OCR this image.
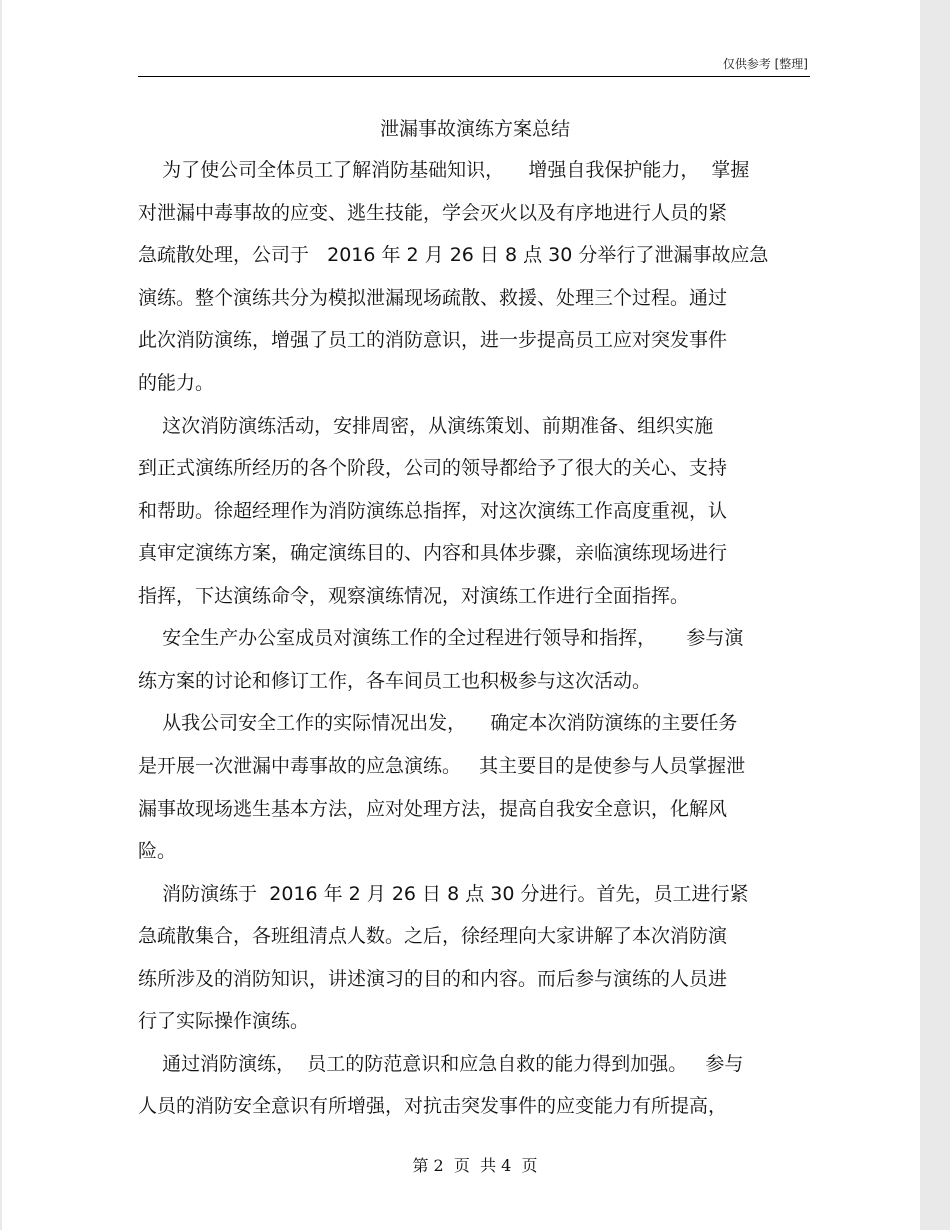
仅供参考 [整理]
泄漏事故演练方案总结
为了使公司全体员工了解消防基础知识，    增强自我保护能力，  掌握
对泄漏中毒事故的应变、逃生技能，学会灭火以及有序地进行人员的紧
急疏散处理，公司于   2016 年 2 月 26 日 8 点 30 分举行了泄漏事故应急
演练。整个演练共分为模拟泄漏现场疏散、救援、处理三个过程。通过
此次消防演练，增强了员工的消防意识，进一步提高员工应对突发事件
的能力。
这次消防演练活动，安排周密，从演练策划、前期准备、组织实施
到正式演练所经历的各个阶段，公司的领导都给予了很大的关心、支持
和帮助。徐超经理作为消防演练总指挥，对这次演练工作高度重视，认
真审定演练方案，确定演练目的、内容和具体步骤，亲临演练现场进行
指挥，下达演练命令，观察演练情况，对演练工作进行全面指挥。
安全生产办公室成员对演练工作的全过程进行领导和指挥，     参与演
练方案的讨论和修订工作，各车间员工也积极参与这次活动。
从我公司安全工作的实际情况出发，    确定本次消防演练的主要任务
是开展一次泄漏中毒事故的应急演练。   其主要目的是使参与人员掌握泄
漏事故现场逃生基本方法，应对处理方法，提高自我安全意识，化解风
险。
消防演练于  2016 年 2 月 26 日 8 点 30 分进行。首先，员工进行紧
急疏散集合，各班组清点人数。之后，徐经理向大家讲解了本次消防演
练所涉及的消防知识，讲述演习的目的和内容。而后参与演练的人员进
行了实际操作演练。
通过消防演练，  员工的防范意识和应急自救的能力得到加强。   参与
人员的消防安全意识有所增强，对抗击突发事件的应变能力有所提高，
第 2  页  共 4  页
